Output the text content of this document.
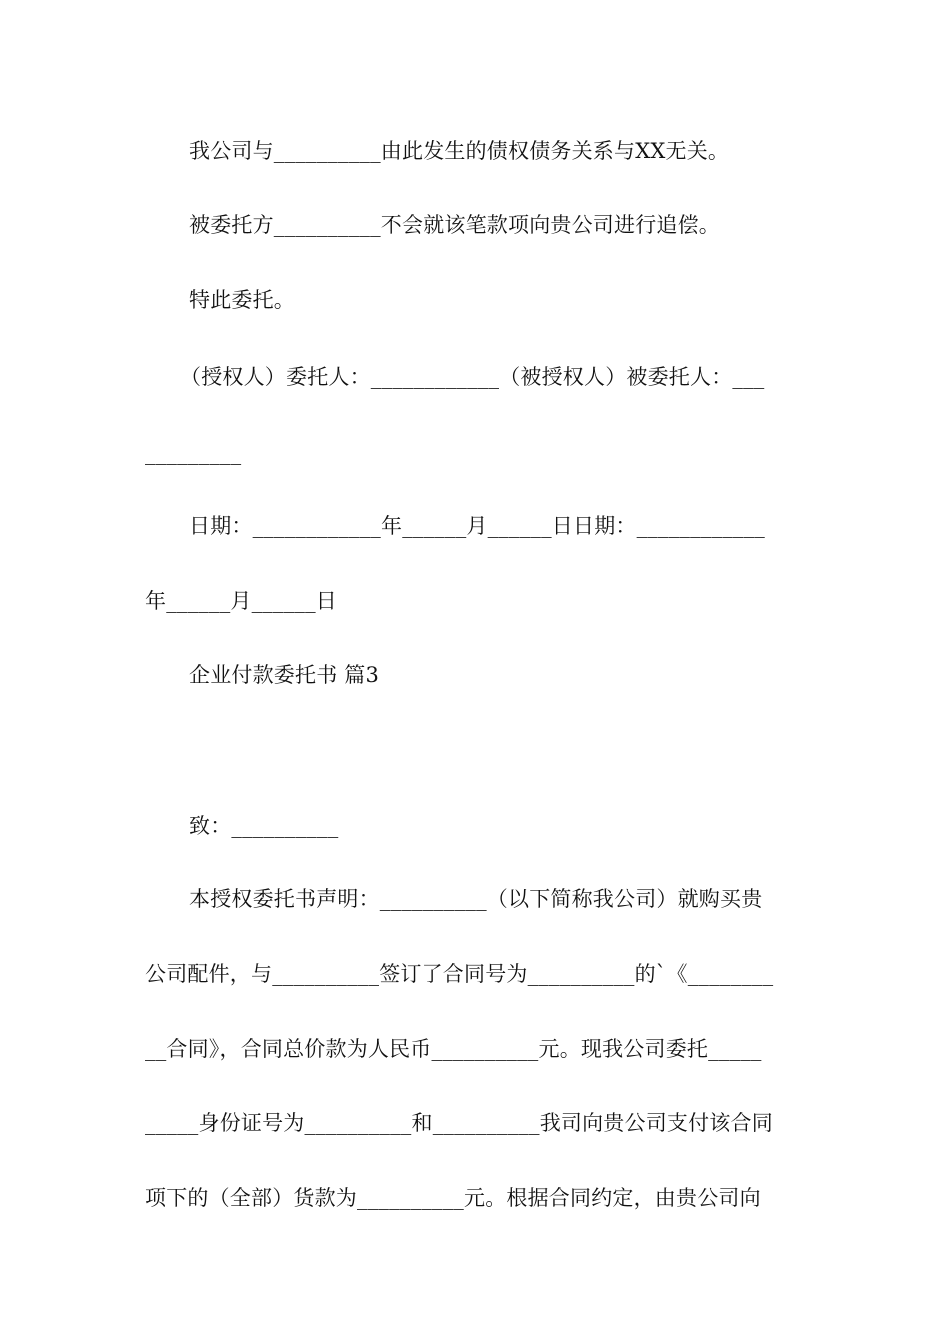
我公司与__________由此发生的债权债务关系与XX无关。
被委托方__________不会就该笔款项向贵公司进行追偿。
特此委托。
（授权人）委托人：____________（被授权人）被委托人：___
_________
日期：____________年______月______日日期：____________
年______月______日
企业付款委托书 篇3
致：__________
本授权委托书声明：__________（以下简称我公司）就购买贵
公司配件，与__________签订了合同号为__________的`《________
__合同》，合同总价款为人民币__________元。现我公司委托_____
_____身份证号为__________和__________我司向贵公司支付该合同
项下的（全部）货款为__________元。根据合同约定，由贵公司向
